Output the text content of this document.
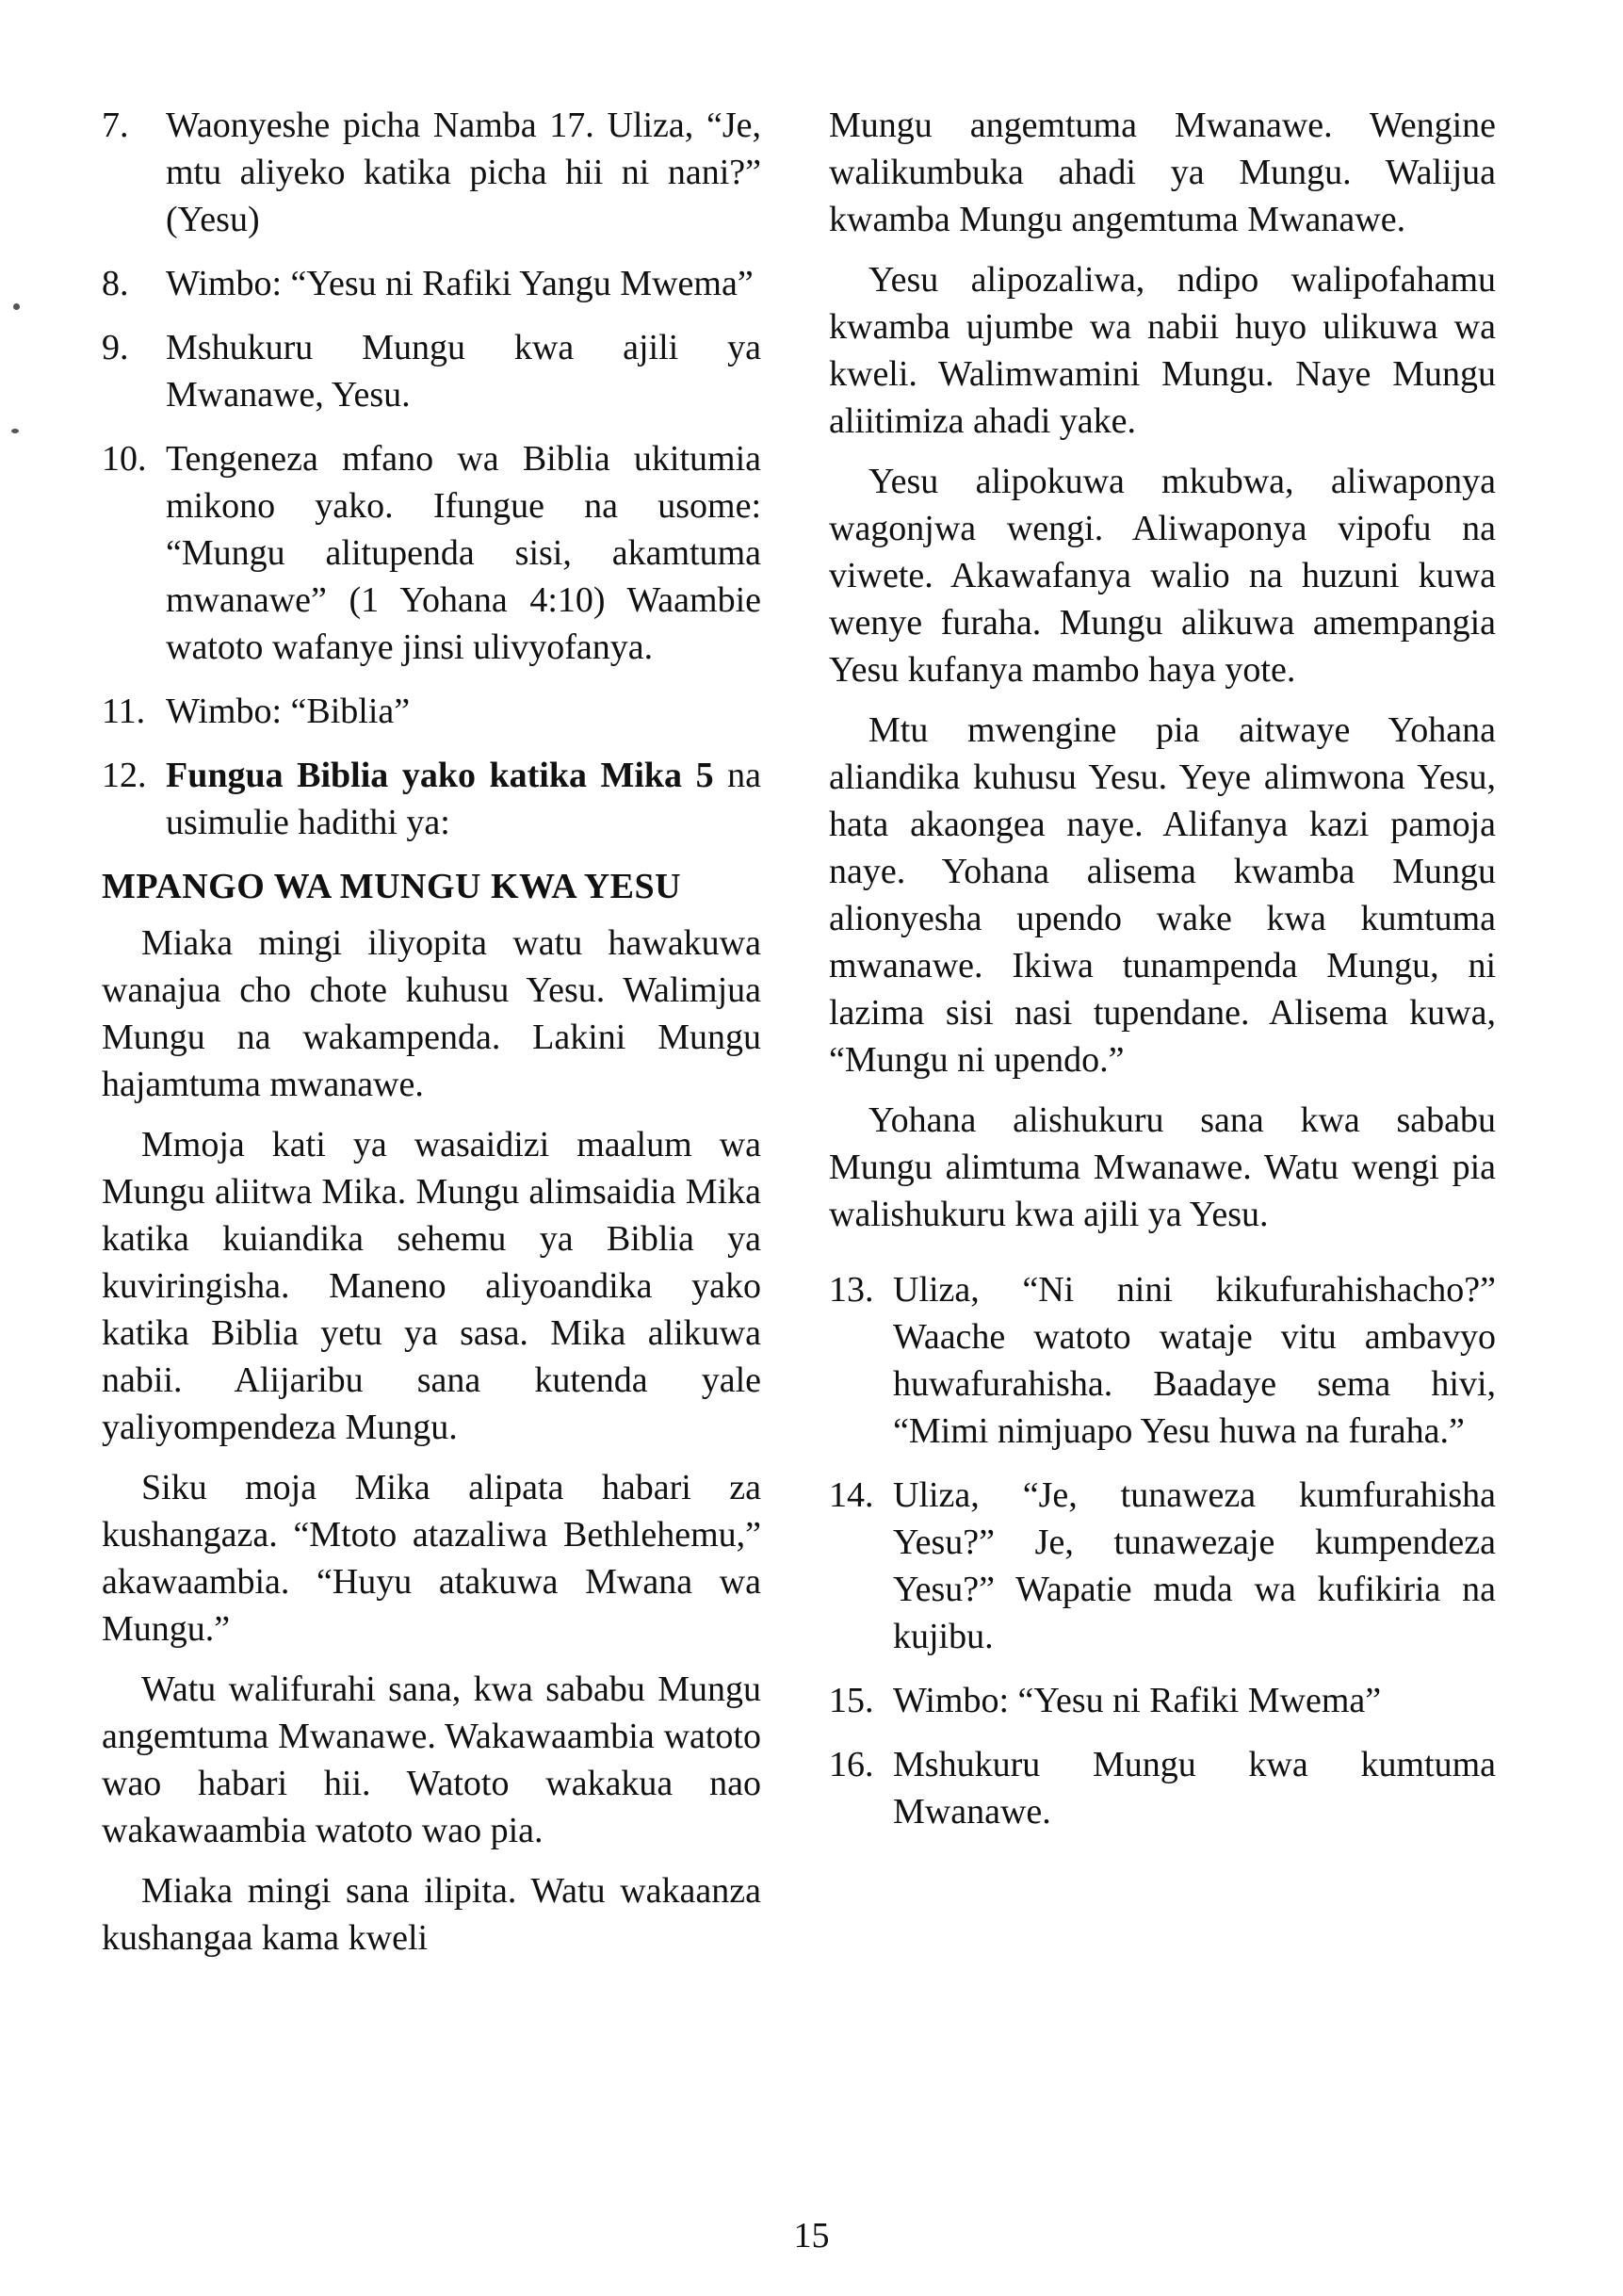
7.	Waonyeshe picha Namba 17. Uliza, “Je, mtu aliyeko katika picha hii ni nani?” (Yesu)
8.	Wimbo: “Yesu ni Rafiki Yangu Mwema”
9.	Mshukuru Mungu kwa ajili ya Mwanawe, Yesu.
10. Tengeneza mfano wa Biblia ukitumia mikono yako. Ifungue na usome: “Mungu alitupenda sisi, akamtuma mwanawe” (1 Yohana 4:10) Waambie watoto wafanye jinsi ulivyofanya.
11. Wimbo: “Biblia”
12. Fungua Biblia yako katika Mika 5 na usimulie hadithi ya:
MPANGO WA MUNGU KWA YESU

Miaka mingi iliyopita watu hawakuwa wanajua cho chote kuhusu Yesu. Walimjua Mungu na wakampenda. Lakini Mungu hajamtuma mwanawe.

Mmoja kati ya wasaidizi maalum wa Mungu aliitwa Mika. Mungu alimsaidia Mika katika kuiandika sehemu ya Biblia ya kuviringisha. Maneno aliyoandika yako katika Biblia yetu ya sasa. Mika alikuwa nabii. Alijaribu sana kutenda yale yaliyompendeza Mungu.

Siku moja Mika alipata habari za kushangaza. “Mtoto atazaliwa Bethlehemu,” akawaambia. “Huyu atakuwa Mwana wa Mungu.”

Watu walifurahi sana, kwa sababu Mungu angemtuma Mwanawe. Wakawaambia watoto wao habari hii. Watoto wakakua nao wakawaambia watoto wao pia.

Miaka mingi sana ilipita. Watu wakaanza kushangaa kama kweli

Mungu angemtuma Mwanawe. Wengine walikumbuka ahadi ya Mungu. Walijua kwamba Mungu angemtuma Mwanawe.

Yesu alipozaliwa, ndipo walipofahamu kwamba ujumbe wa nabii huyo ulikuwa wa kweli. Walimwamini Mungu. Naye Mungu aliitimiza ahadi yake.

Yesu alipokuwa mkubwa, aliwaponya wagonjwa wengi. Aliwaponya vipofu na viwete. Akawafanya walio na huzuni kuwa wenye furaha. Mungu alikuwa amempangia Yesu kufanya mambo haya yote.

Mtu mwengine pia aitwaye Yohana aliandika kuhusu Yesu. Yeye alimwona Yesu, hata akaongea naye. Alifanya kazi pamoja naye. Yohana alisema kwamba Mungu alionyesha upendo wake kwa kumtuma mwanawe. Ikiwa tunampenda Mungu, ni lazima sisi nasi tupendane. Alisema kuwa, “Mungu ni upendo.”

Yohana alishukuru sana kwa sababu Mungu alimtuma Mwanawe. Watu wengi pia walishukuru kwa ajili ya Yesu.

13. Uliza, “Ni nini kikufurahishacho?” Waache watoto wataje vitu ambavyo huwafurahisha. Baadaye sema hivi, “Mimi nimjuapo Yesu huwa na furaha.”
14. Uliza, “Je, tunaweza kumfurahisha Yesu?” Je, tunawezaje kumpendeza Yesu?” Wapatie muda wa kufikiria na kujibu.
15. Wimbo: “Yesu ni Rafiki Mwema”
16. Mshukuru Mungu kwa kumtuma Mwanawe.
15
